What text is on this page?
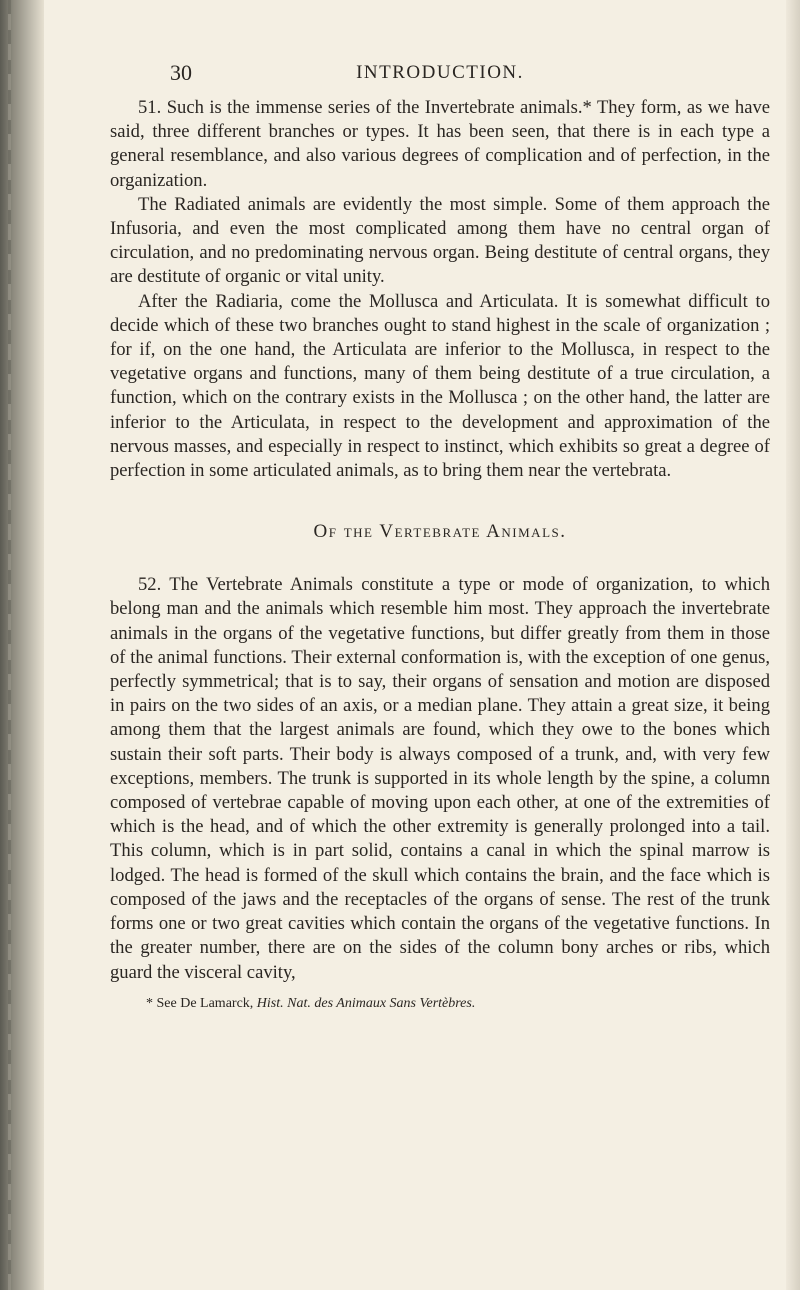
30	INTRODUCTION.

51. Such is the immense series of the Invertebrate animals.* They form, as we have said, three different branches or types. It has been seen, that there is in each type a general resemblance, and also various degrees of complication and of perfection, in the organization.

The Radiated animals are evidently the most simple. Some of them approach the Infusoria, and even the most complicated among them have no central organ of circulation, and no predominating nervous organ. Being destitute of central organs, they are destitute of organic or vital unity.

After the Radiaria, come the Mollusca and Articulata. It is somewhat difficult to decide which of these two branches ought to stand highest in the scale of organization ; for if, on the one hand, the Articulata are inferior to the Mollusca, in respect to the vegetative organs and functions, many of them being destitute of a true circulation, a function, which on the contrary exists in the Mollusca ; on the other hand, the latter are inferior to the Articulata, in respect to the development and approximation of the nervous masses, and especially in respect to instinct, which exhibits so great a degree of perfection in some articulated animals, as to bring them near the vertebrata.

Of the Vertebrate Animals.

52. The Vertebrate Animals constitute a type or mode of organization, to which belong man and the animals which resemble him most. They approach the invertebrate animals in the organs of the vegetative functions, but differ greatly from them in those of the animal functions. Their external conformation is, with the exception of one genus, perfectly symmetrical; that is to say, their organs of sensation and motion are disposed in pairs on the two sides of an axis, or a median plane. They attain a great size, it being among them that the largest animals are found, which they owe to the bones which sustain their soft parts. Their body is always composed of a trunk, and, with very few exceptions, members. The trunk is supported in its whole length by the spine, a column composed of vertebrae capable of moving upon each other, at one of the extremities of which is the head, and of which the other extremity is generally prolonged into a tail. This column, which is in part solid, contains a canal in which the spinal marrow is lodged. The head is formed of the skull which contains the brain, and the face which is composed of the jaws and the receptacles of the organs of sense. The rest of the trunk forms one or two great cavities which contain the organs of the vegetative functions. In the greater number, there are on the sides of the column bony arches or ribs, which guard the visceral cavity,

* See De Lamarck, Hist. Nat. des Animaux Sans Vertèbres.
